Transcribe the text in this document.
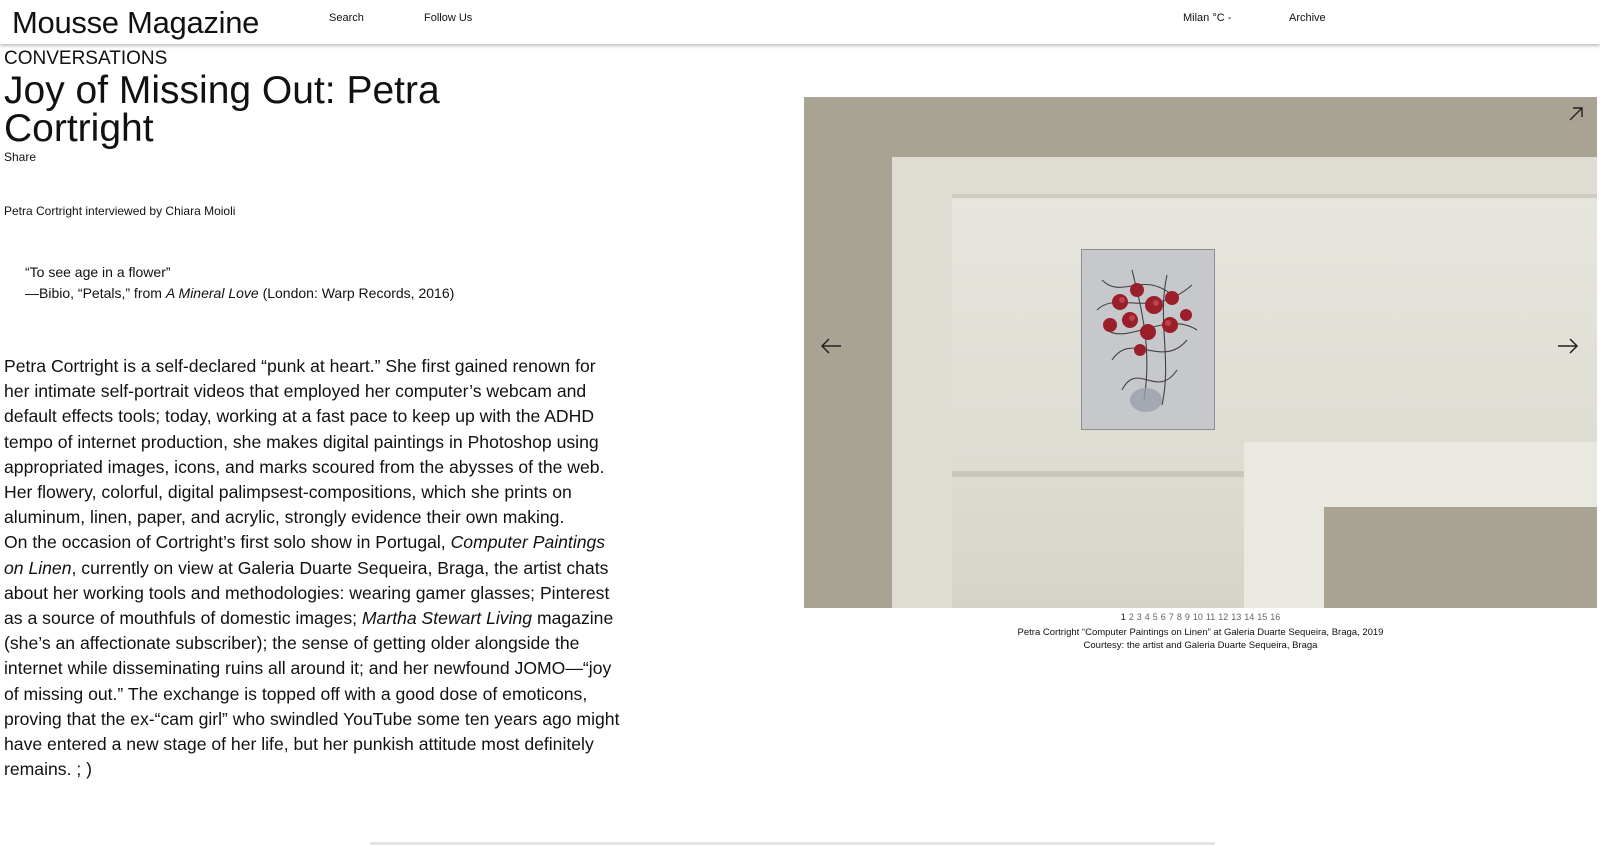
Mousse Magazine	Search	Follow Us	Milan °C -	Archive
CONVERSATIONS
Joy of Missing Out: Petra Cortright
Share
Petra Cortright interviewed by Chiara Moioli
“To see age in a flower”
—Bibio, “Petals,” from A Mineral Love (London: Warp Records, 2016)

Petra Cortright is a self-declared “punk at heart.” She first gained renown for her intimate self-portrait videos that employed her computer’s webcam and default effects tools; today, working at a fast pace to keep up with the ADHD tempo of internet production, she makes digital paintings in Photoshop using appropriated images, icons, and marks scoured from the abysses of the web. Her flowery, colorful, digital palimpsest-compositions, which she prints on aluminum, linen, paper, and acrylic, strongly evidence their own making.

On the occasion of Cortright’s first solo show in Portugal, Computer Paintings on Linen, currently on view at Galeria Duarte Sequeira, Braga, the artist chats about her working tools and methodologies: wearing gamer glasses; Pinterest as a source of mouthfuls of domestic images; Martha Stewart Living magazine (she’s an affectionate subscriber); the sense of getting older alongside the internet while disseminating ruins all around it; and her newfound JOMO—“joy of missing out.” The exchange is topped off with a good dose of emoticons, proving that the ex-“cam girl” who swindled YouTube some ten years ago might have entered a new stage of her life, but her punkish attitude most definitely remains. ; )

1 2 3 4 5 6 7 8 9 10 11 12 13 14 15 16
Petra Cortright “Computer Paintings on Linen” at Galeria Duarte Sequeira, Braga, 2019
Courtesy: the artist and Galeria Duarte Sequeira, Braga
